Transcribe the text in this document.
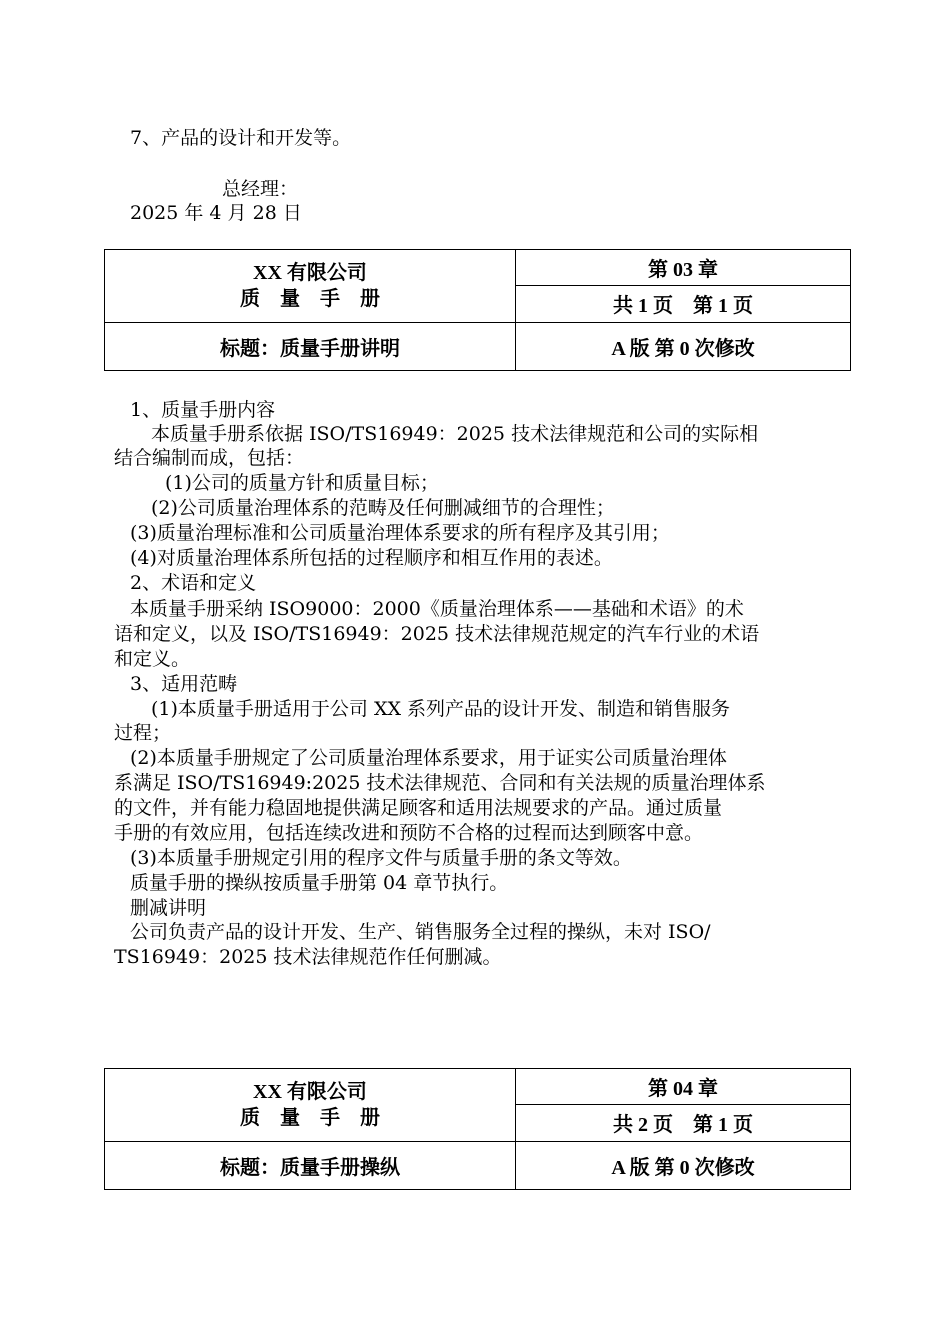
7、产品的设计和开发等。
总经理：
2025 年 4 月 28 日
XX 有限公司
质　量　手　册	第 03 章
	共 1 页　第 1 页
标题：质量手册讲明	A 版 第 0 次修改
1、质量手册内容
本质量手册系依据 ISO/TS16949：2025 技术法律规范和公司的实际相
结合编制而成，包括：
(1)公司的质量方针和质量目标；
(2)公司质量治理体系的范畴及任何删减细节的合理性；
(3)质量治理标准和公司质量治理体系要求的所有程序及其引用；
(4)对质量治理体系所包括的过程顺序和相互作用的表述。
2、术语和定义
本质量手册采纳 ISO9000：2000《质量治理体系——基础和术语》的术
语和定义，以及 ISO/TS16949：2025 技术法律规范规定的汽车行业的术语
和定义。
3、适用范畴
(1)本质量手册适用于公司 XX 系列产品的设计开发、制造和销售服务
过程；
(2)本质量手册规定了公司质量治理体系要求，用于证实公司质量治理体
系满足 ISO/TS16949:2025 技术法律规范、合同和有关法规的质量治理体系
的文件，并有能力稳固地提供满足顾客和适用法规要求的产品。通过质量
手册的有效应用，包括连续改进和预防不合格的过程而达到顾客中意。
(3)本质量手册规定引用的程序文件与质量手册的条文等效。
质量手册的操纵按质量手册第 04 章节执行。
删减讲明
公司负责产品的设计开发、生产、销售服务全过程的操纵，未对 ISO/
TS16949：2025 技术法律规范作任何删减。
XX 有限公司
质　量　手　册	第 04 章
	共 2 页　第 1 页
标题：质量手册操纵	A 版 第 0 次修改
